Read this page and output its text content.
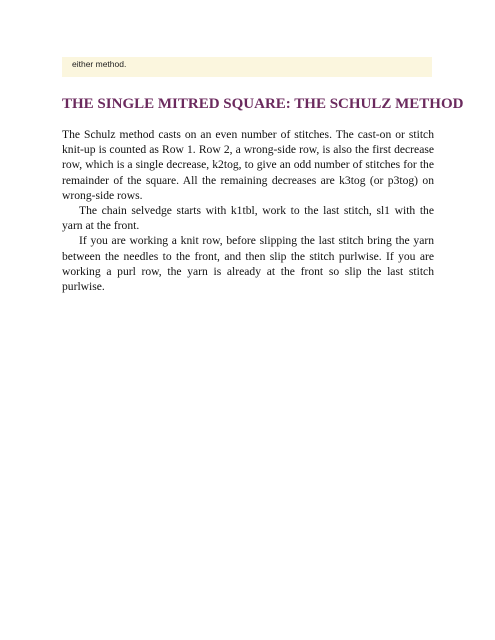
either method.
THE SINGLE MITRED SQUARE: THE SCHULZ METHOD

The Schulz method casts on an even number of stitches. The cast-on or stitch knit-up is counted as Row 1. Row 2, a wrong-side row, is also the first decrease row, which is a single decrease, k2tog, to give an odd number of stitches for the remainder of the square. All the remaining decreases are k3tog (or p3tog) on wrong-side rows.

The chain selvedge starts with k1tbl, work to the last stitch, sl1 with the yarn at the front.

If you are working a knit row, before slipping the last stitch bring the yarn between the needles to the front, and then slip the stitch purlwise. If you are working a purl row, the yarn is already at the front so slip the last stitch purlwise.
